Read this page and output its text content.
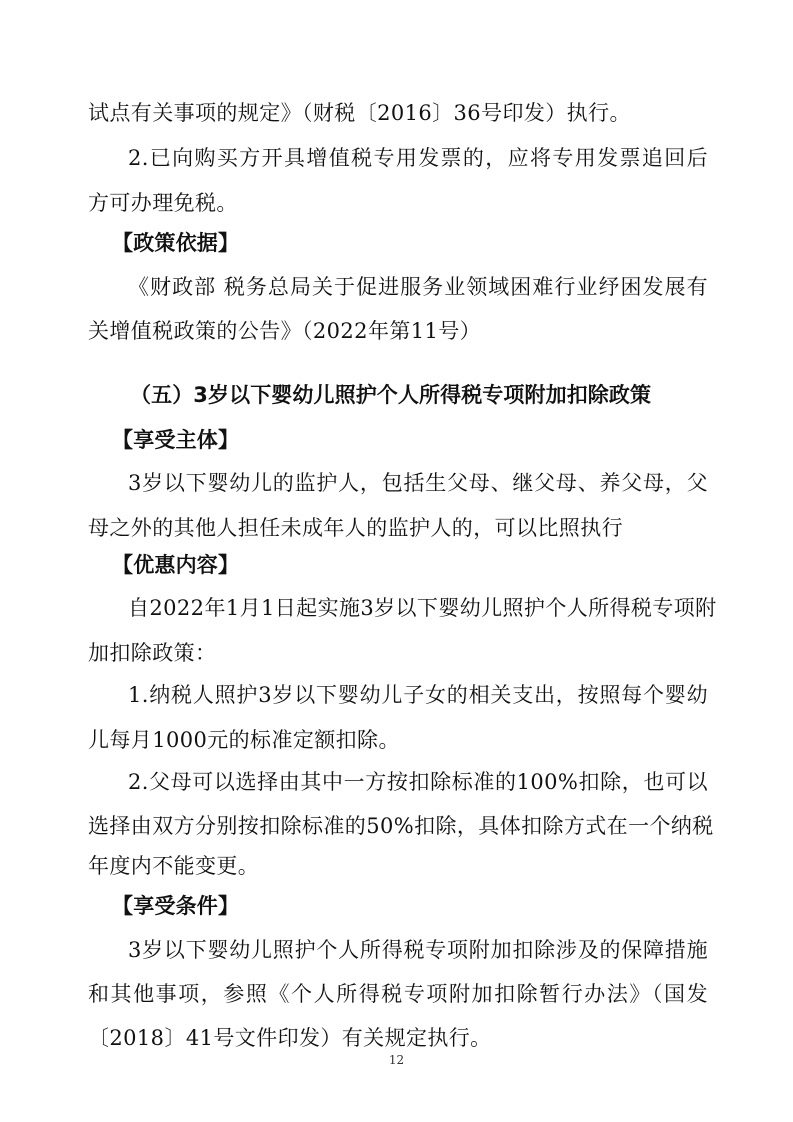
试点有关事项的规定》（财税〔2016〕36号印发）执行。
2.已向购买方开具增值税专用发票的，应将专用发票追回后
方可办理免税。
【政策依据】
《财政部 税务总局关于促进服务业领域困难行业纾困发展有
关增值税政策的公告》（2022年第11号）
（五）3岁以下婴幼儿照护个人所得税专项附加扣除政策
【享受主体】
3岁以下婴幼儿的监护人，包括生父母、继父母、养父母，父
母之外的其他人担任未成年人的监护人的，可以比照执行
【优惠内容】
自2022年1月1日起实施3岁以下婴幼儿照护个人所得税专项附
加扣除政策：
1.纳税人照护3岁以下婴幼儿子女的相关支出，按照每个婴幼
儿每月1000元的标准定额扣除。
2.父母可以选择由其中一方按扣除标准的100%扣除，也可以
选择由双方分别按扣除标准的50%扣除，具体扣除方式在一个纳税
年度内不能变更。
【享受条件】
3岁以下婴幼儿照护个人所得税专项附加扣除涉及的保障措施
和其他事项，参照《个人所得税专项附加扣除暂行办法》（国发
〔2018〕41号文件印发）有关规定执行。
12
